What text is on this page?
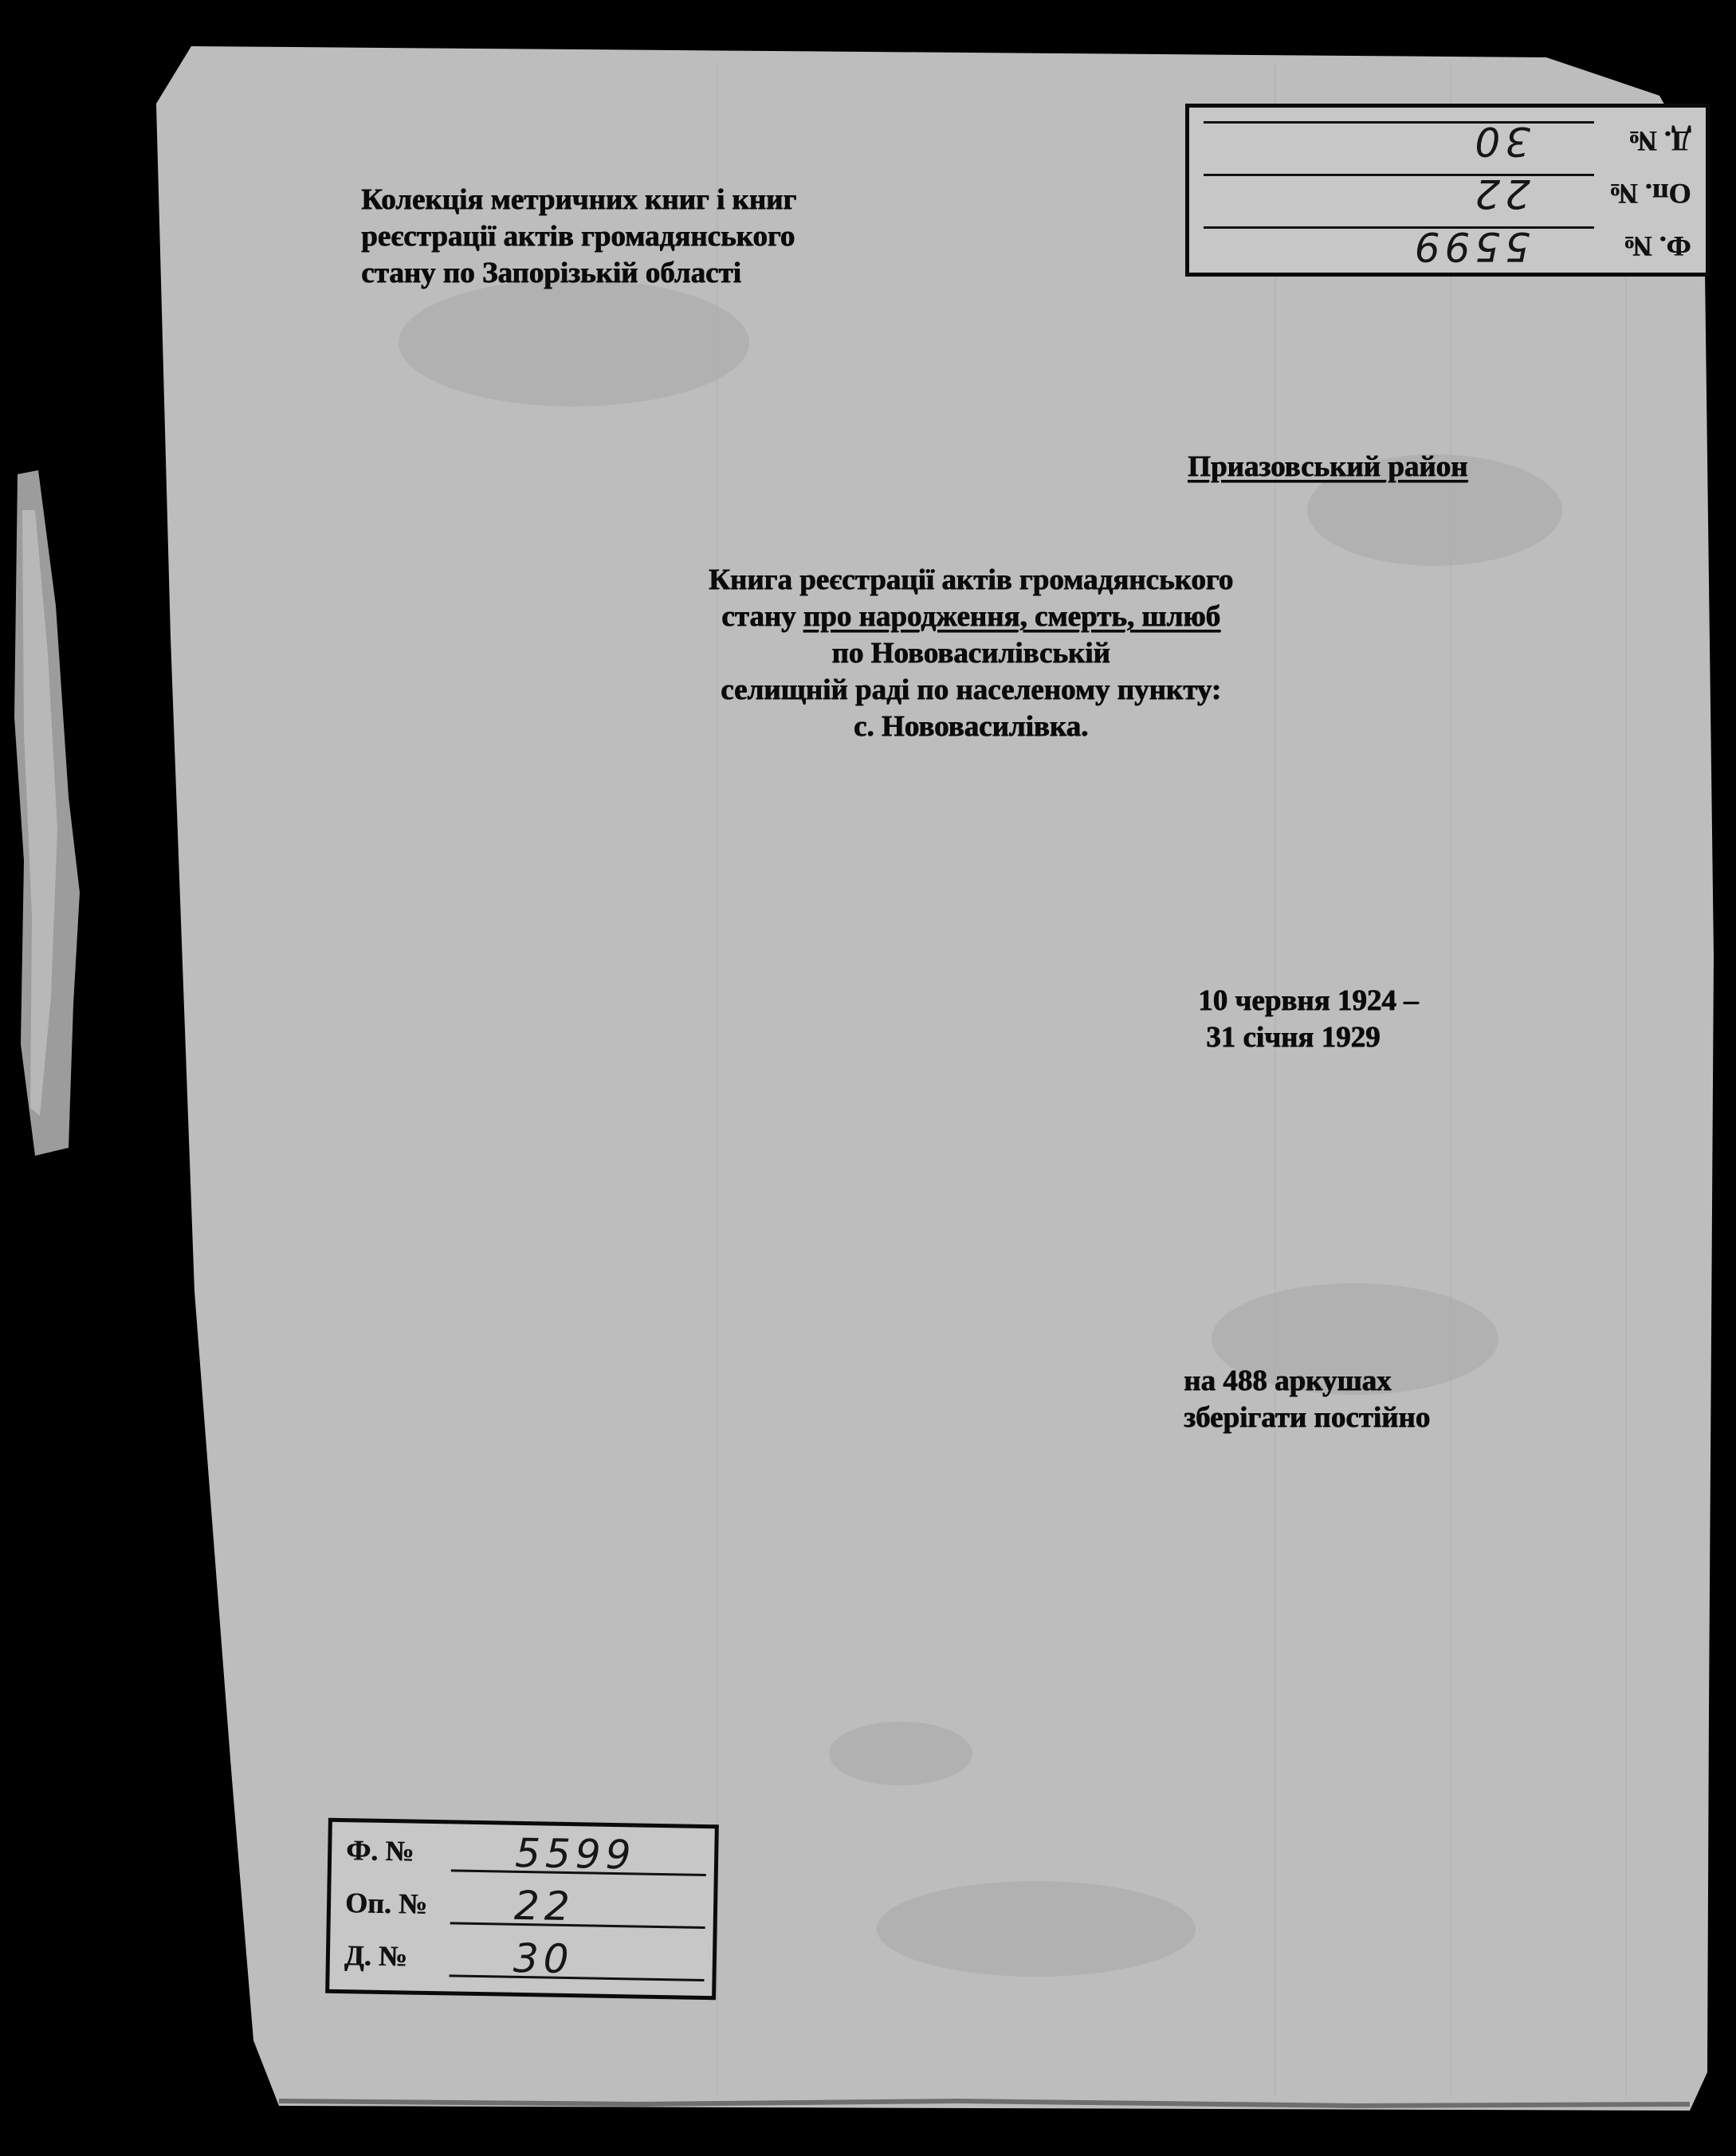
Колекція метричних книг і книг
реєстрації актів громадянського
стану по Запорізькій області
Приазовський район
Книга реєстрації актів громадянського
стану про народження, смерть, шлюб
по Нововасилівській
селищній раді по населеному пункту:
с. Нововасилівка.
10 червня 1924 –
31 січня 1929
на 488 аркушах
зберігати постійно
Ф. №
5599
Оп. №
22
Д. №
30
Ф. №	5599
Оп. № 22
Д. №	30
